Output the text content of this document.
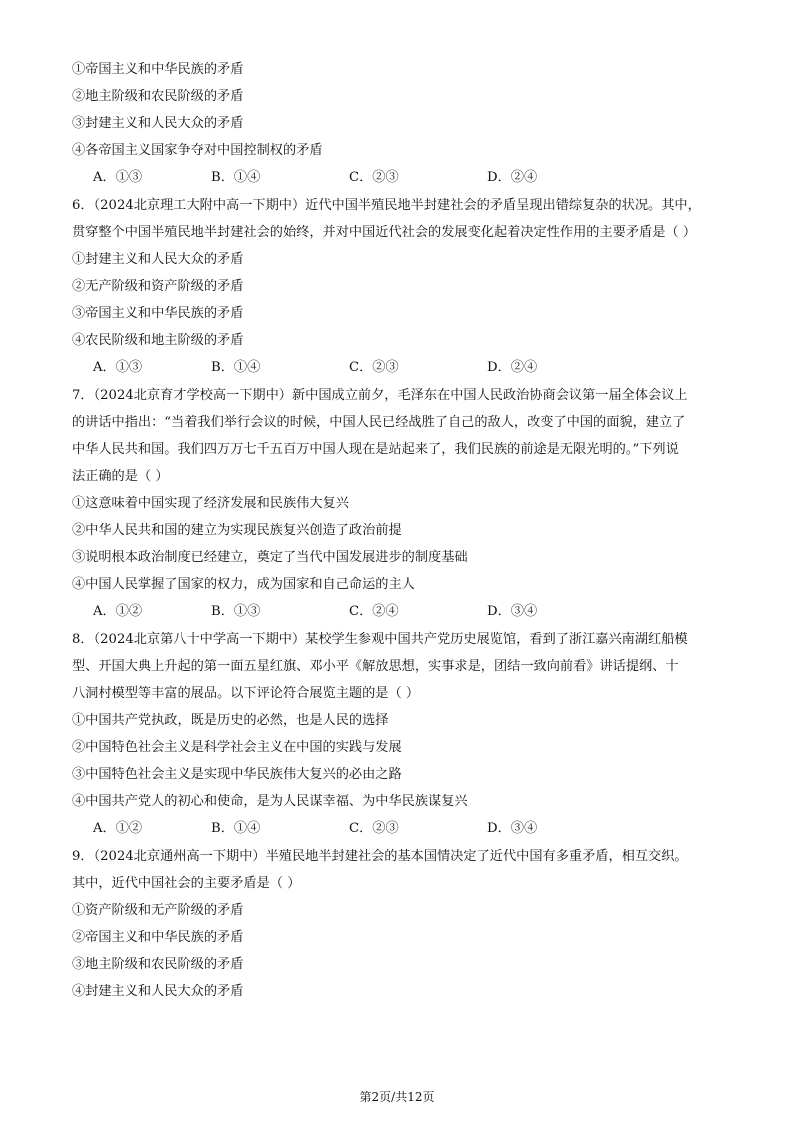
①帝国主义和中华民族的矛盾
②地主阶级和农民阶级的矛盾
③封建主义和人民大众的矛盾
④各帝国主义国家争夺对中国控制权的矛盾
A．①③	B．①④	C．②③	D．②④
6．（2024北京理工大附中高一下期中）近代中国半殖民地半封建社会的矛盾呈现出错综复杂的状况。其中，
贯穿整个中国半殖民地半封建社会的始终，并对中国近代社会的发展变化起着决定性作用的主要矛盾是（ ）
①封建主义和人民大众的矛盾
②无产阶级和资产阶级的矛盾
③帝国主义和中华民族的矛盾
④农民阶级和地主阶级的矛盾
A．①③	B．①④	C．②③	D．②④
7．（2024北京育才学校高一下期中）新中国成立前夕，毛泽东在中国人民政治协商会议第一届全体会议上
的讲话中指出：“当着我们举行会议的时候，中国人民已经战胜了自己的敌人，改变了中国的面貌，建立了
中华人民共和国。我们四万万七千五百万中国人现在是站起来了，我们民族的前途是无限光明的。”下列说
法正确的是（ ）
①这意味着中国实现了经济发展和民族伟大复兴
②中华人民共和国的建立为实现民族复兴创造了政治前提
③说明根本政治制度已经建立，奠定了当代中国发展进步的制度基础
④中国人民掌握了国家的权力，成为国家和自己命运的主人
A．①②	B．①③	C．②④	D．③④
8．（2024北京第八十中学高一下期中）某校学生参观中国共产党历史展览馆，看到了浙江嘉兴南湖红船模
型、开国大典上升起的第一面五星红旗、邓小平《解放思想，实事求是，团结一致向前看》讲话提纲、十
八洞村模型等丰富的展品。以下评论符合展览主题的是（ ）
①中国共产党执政，既是历史的必然，也是人民的选择
②中国特色社会主义是科学社会主义在中国的实践与发展
③中国特色社会主义是实现中华民族伟大复兴的必由之路
④中国共产党人的初心和使命，是为人民谋幸福、为中华民族谋复兴
A．①②	B．①④	C．②③	D．③④
9．（2024北京通州高一下期中）半殖民地半封建社会的基本国情决定了近代中国有多重矛盾，相互交织。
其中，近代中国社会的主要矛盾是（ ）
①资产阶级和无产阶级的矛盾
②帝国主义和中华民族的矛盾
③地主阶级和农民阶级的矛盾
④封建主义和人民大众的矛盾
第2页/共12页
